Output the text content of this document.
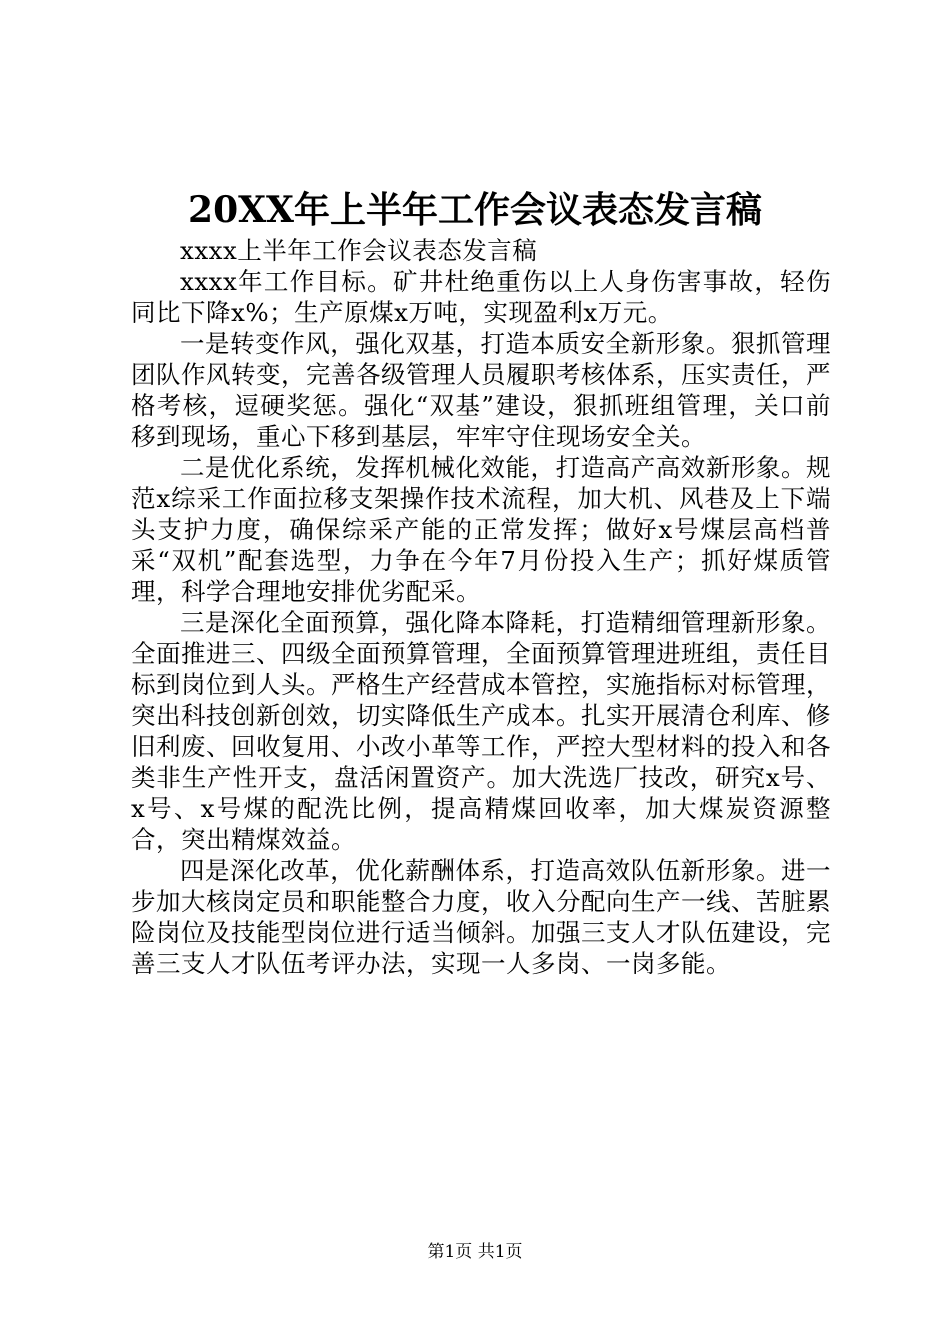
20XX年上半年工作会议表态发言稿

xxxx上半年工作会议表态发言稿

xxxx年工作目标。矿井杜绝重伤以上人身伤害事故，轻伤同比下降x%；生产原煤x万吨，实现盈利x万元。

一是转变作风，强化双基，打造本质安全新形象。狠抓管理团队作风转变，完善各级管理人员履职考核体系，压实责任，严格考核，逗硬奖惩。强化“双基”建设，狠抓班组管理，关口前移到现场，重心下移到基层，牢牢守住现场安全关。

二是优化系统，发挥机械化效能，打造高产高效新形象。规范x综采工作面拉移支架操作技术流程，加大机、风巷及上下端头支护力度，确保综采产能的正常发挥；做好x号煤层高档普采“双机”配套选型，力争在今年7月份投入生产；抓好煤质管理，科学合理地安排优劣配采。

三是深化全面预算，强化降本降耗，打造精细管理新形象。全面推进三、四级全面预算管理，全面预算管理进班组，责任目标到岗位到人头。严格生产经营成本管控，实施指标对标管理，突出科技创新创效，切实降低生产成本。扎实开展清仓利库、修旧利废、回收复用、小改小革等工作，严控大型材料的投入和各类非生产性开支，盘活闲置资产。加大洗选厂技改，研究x号、x号、x号煤的配洗比例，提高精煤回收率，加大煤炭资源整合，突出精煤效益。

四是深化改革，优化薪酬体系，打造高效队伍新形象。进一步加大核岗定员和职能整合力度，收入分配向生产一线、苦脏累险岗位及技能型岗位进行适当倾斜。加强三支人才队伍建设，完善三支人才队伍考评办法，实现一人多岗、一岗多能。

第1页 共1页
